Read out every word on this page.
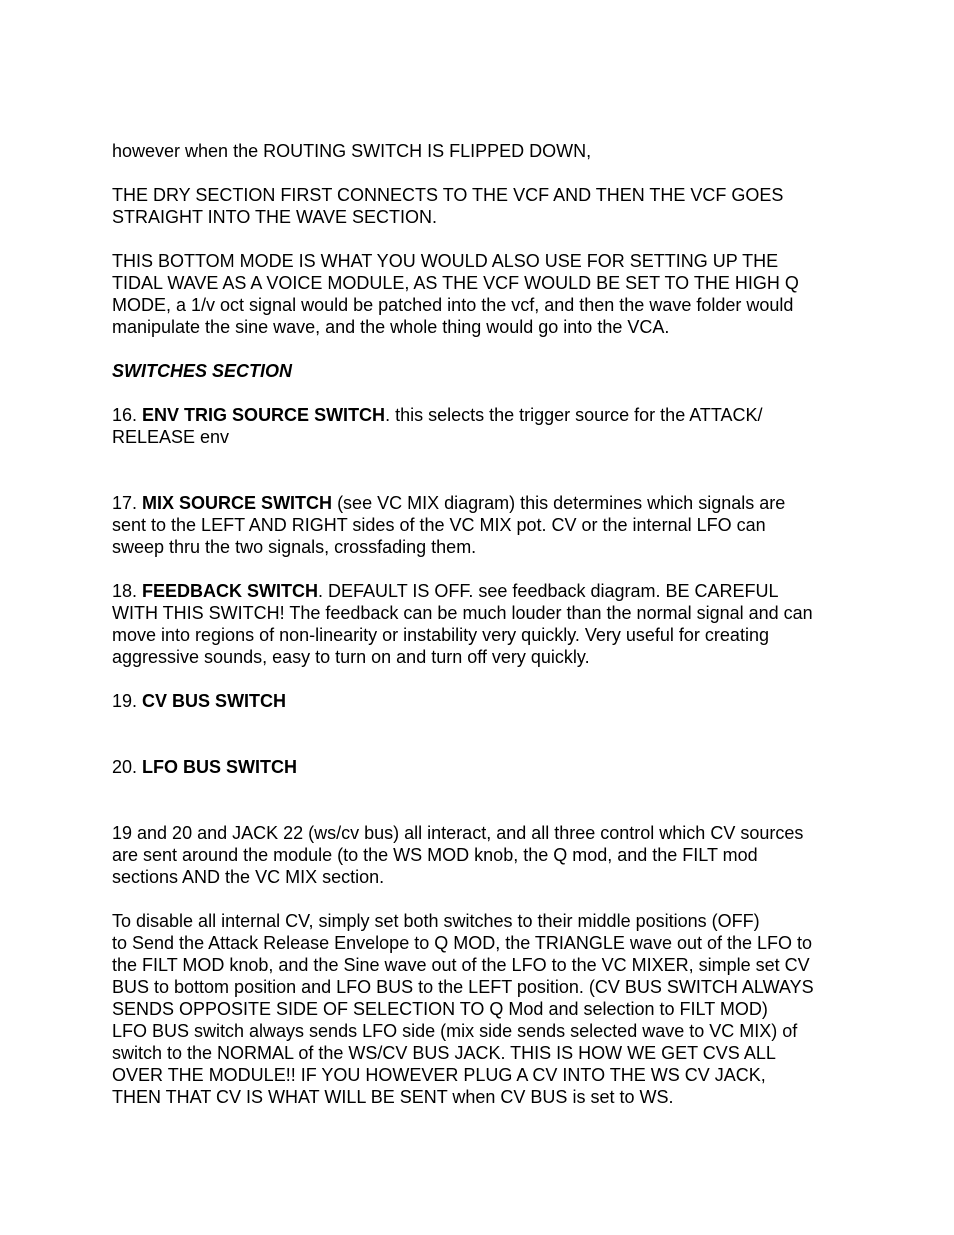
however when the ROUTING SWITCH IS FLIPPED DOWN,

THE DRY SECTION FIRST CONNECTS TO THE VCF AND THEN THE VCF GOES

STRAIGHT INTO THE WAVE SECTION.

THIS BOTTOM MODE IS WHAT YOU WOULD ALSO USE FOR SETTING UP THE

TIDAL WAVE AS A VOICE MODULE, AS THE VCF WOULD BE SET TO THE HIGH Q

MODE, a 1/v oct signal would be patched into the vcf, and then the wave folder would

manipulate the sine wave, and the whole thing would go into the VCA.

SWITCHES SECTION

16. ENV TRIG SOURCE SWITCH. this selects the trigger source for the ATTACK/

RELEASE env

17. MIX SOURCE SWITCH (see VC MIX diagram) this determines which signals are

sent to the LEFT AND RIGHT sides of the VC MIX pot. CV or the internal LFO can

sweep thru the two signals, crossfading them.

18. FEEDBACK SWITCH. DEFAULT IS OFF. see feedback diagram. BE CAREFUL

WITH THIS SWITCH! The feedback can be much louder than the normal signal and can

move into regions of non-linearity or instability very quickly. Very useful for creating

aggressive sounds, easy to turn on and turn off very quickly.

19. CV BUS SWITCH

20. LFO BUS SWITCH

19 and 20 and JACK 22 (ws/cv bus) all interact, and all three control which CV sources

are sent around the module (to the WS MOD knob, the Q mod, and the FILT mod

sections AND the VC MIX section.

To disable all internal CV, simply set both switches to their middle positions (OFF)

to Send the Attack Release Envelope to Q MOD, the TRIANGLE wave out of the LFO to

the FILT MOD knob, and the Sine wave out of the LFO to the VC MIXER, simple set CV

BUS to bottom position and LFO BUS to the LEFT position. (CV BUS SWITCH ALWAYS

SENDS OPPOSITE SIDE OF SELECTION TO Q Mod and selection to FILT MOD)

LFO BUS switch always sends LFO side (mix side sends selected wave to VC MIX) of

switch to the NORMAL of the WS/CV BUS JACK. THIS IS HOW WE GET CVS ALL

OVER THE MODULE!! IF YOU HOWEVER PLUG A CV INTO THE WS CV JACK,

THEN THAT CV IS WHAT WILL BE SENT when CV BUS is set to WS.
